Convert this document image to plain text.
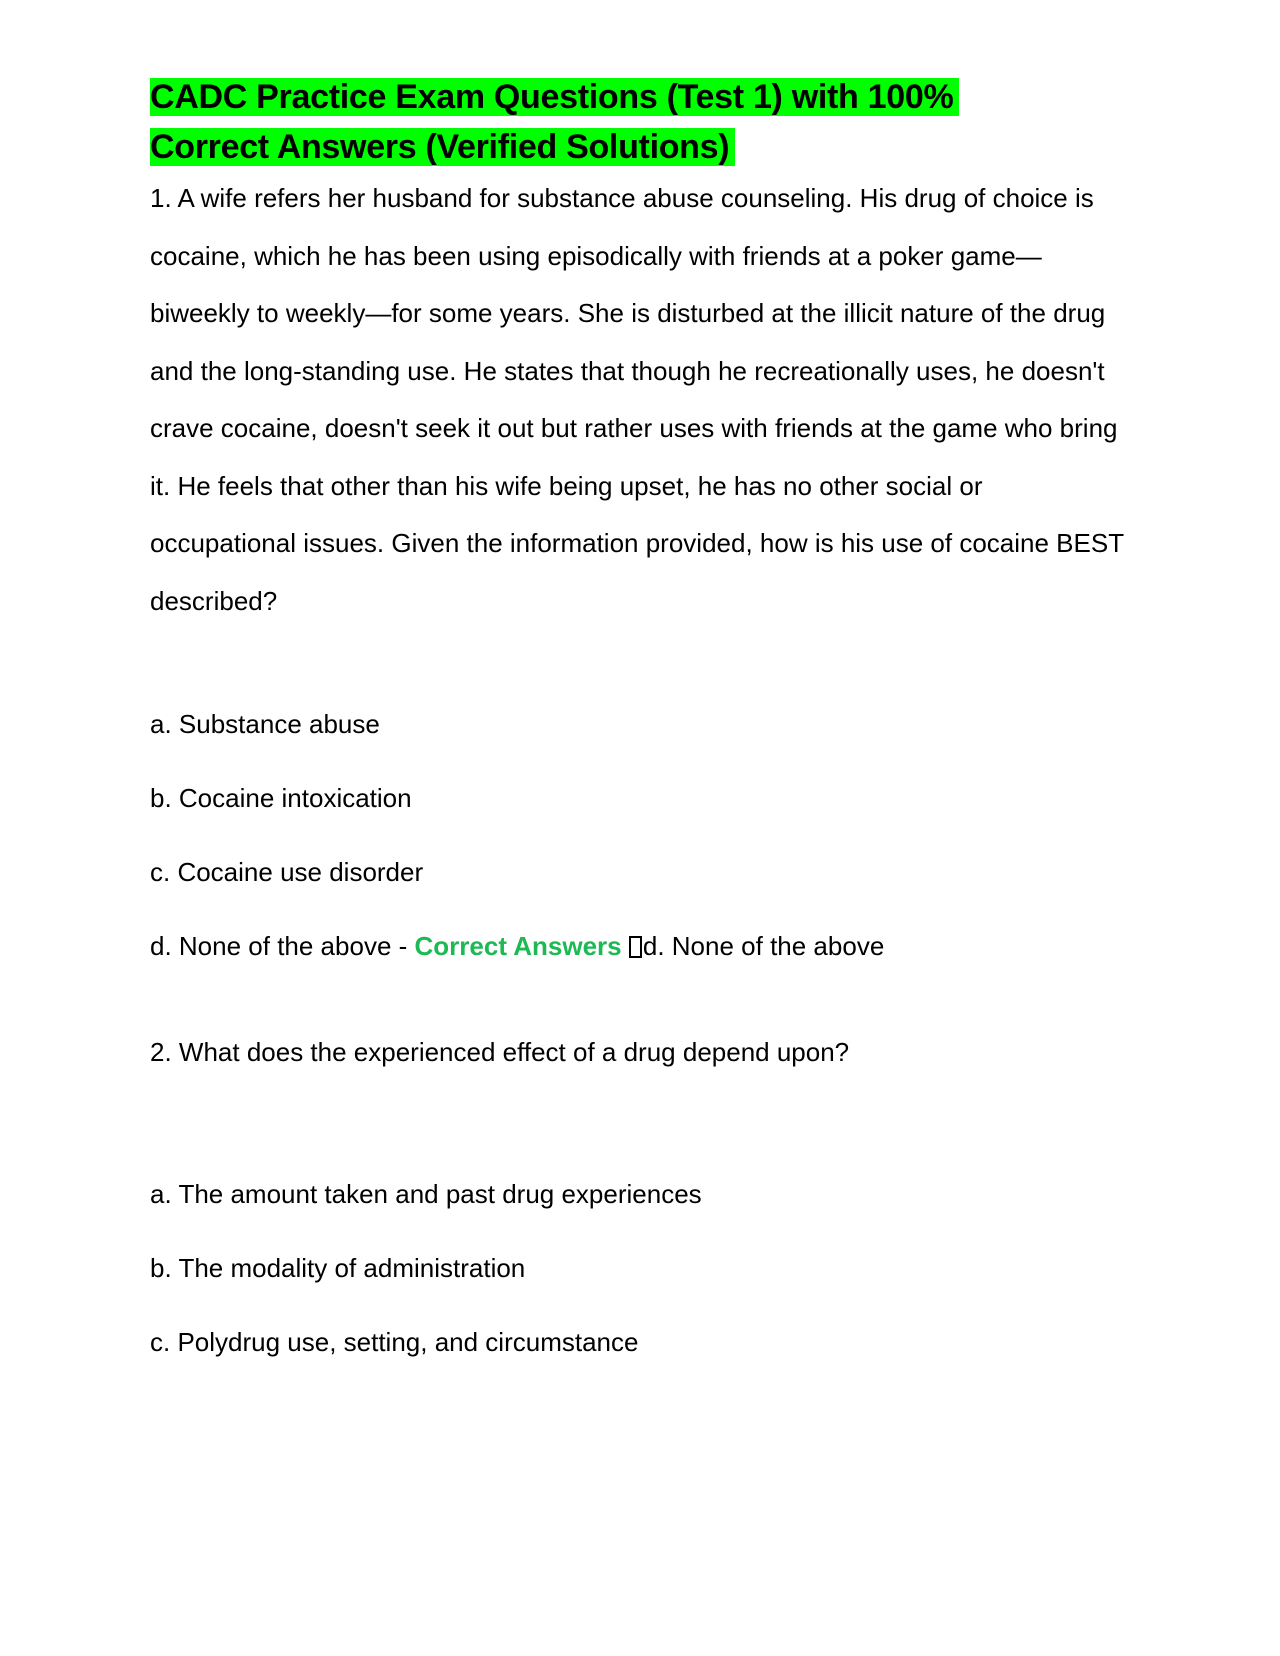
CADC Practice Exam Questions (Test 1) with 100%
Correct Answers (Verified Solutions)

1. A wife refers her husband for substance abuse counseling. His drug of choice is cocaine, which he has been using episodically with friends at a poker game—biweekly to weekly—for some years. She is disturbed at the illicit nature of the drug and the long-standing use. He states that though he recreationally uses, he doesn't crave cocaine, doesn't seek it out but rather uses with friends at the game who bring it. He feels that other than his wife being upset, he has no other social or occupational issues. Given the information provided, how is his use of cocaine BEST described?

a. Substance abuse

b. Cocaine intoxication

c. Cocaine use disorder

d. None of the above - Correct Answers d. None of the above

2. What does the experienced effect of a drug depend upon?

a. The amount taken and past drug experiences

b. The modality of administration

c. Polydrug use, setting, and circumstance
